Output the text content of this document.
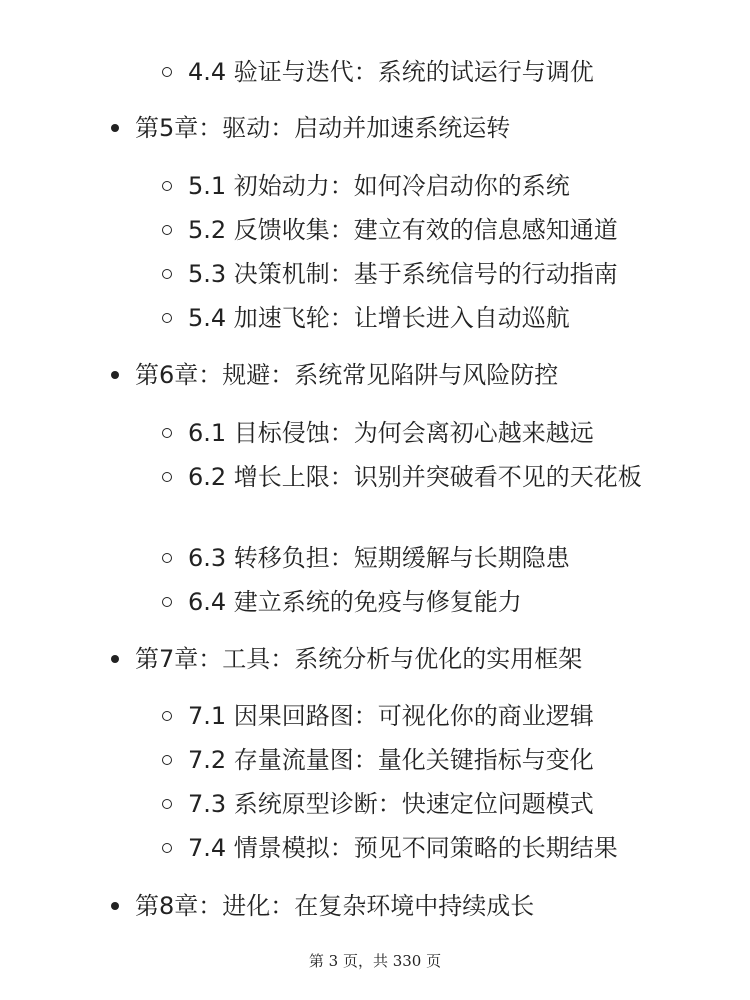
4.4 验证与迭代：系统的试运行与调优
第5章：驱动：启动并加速系统运转
5.1 初始动力：如何冷启动你的系统
5.2 反馈收集：建立有效的信息感知通道
5.3 决策机制：基于系统信号的行动指南
5.4 加速飞轮：让增长进入自动巡航
第6章：规避：系统常见陷阱与风险防控
6.1 目标侵蚀：为何会离初心越来越远
6.2 增长上限：识别并突破看不见的天花板
6.3 转移负担：短期缓解与长期隐患
6.4 建立系统的免疫与修复能力
第7章：工具：系统分析与优化的实用框架
7.1 因果回路图：可视化你的商业逻辑
7.2 存量流量图：量化关键指标与变化
7.3 系统原型诊断：快速定位问题模式
7.4 情景模拟：预见不同策略的长期结果
第8章：进化：在复杂环境中持续成长
第 3 页，共 330 页
